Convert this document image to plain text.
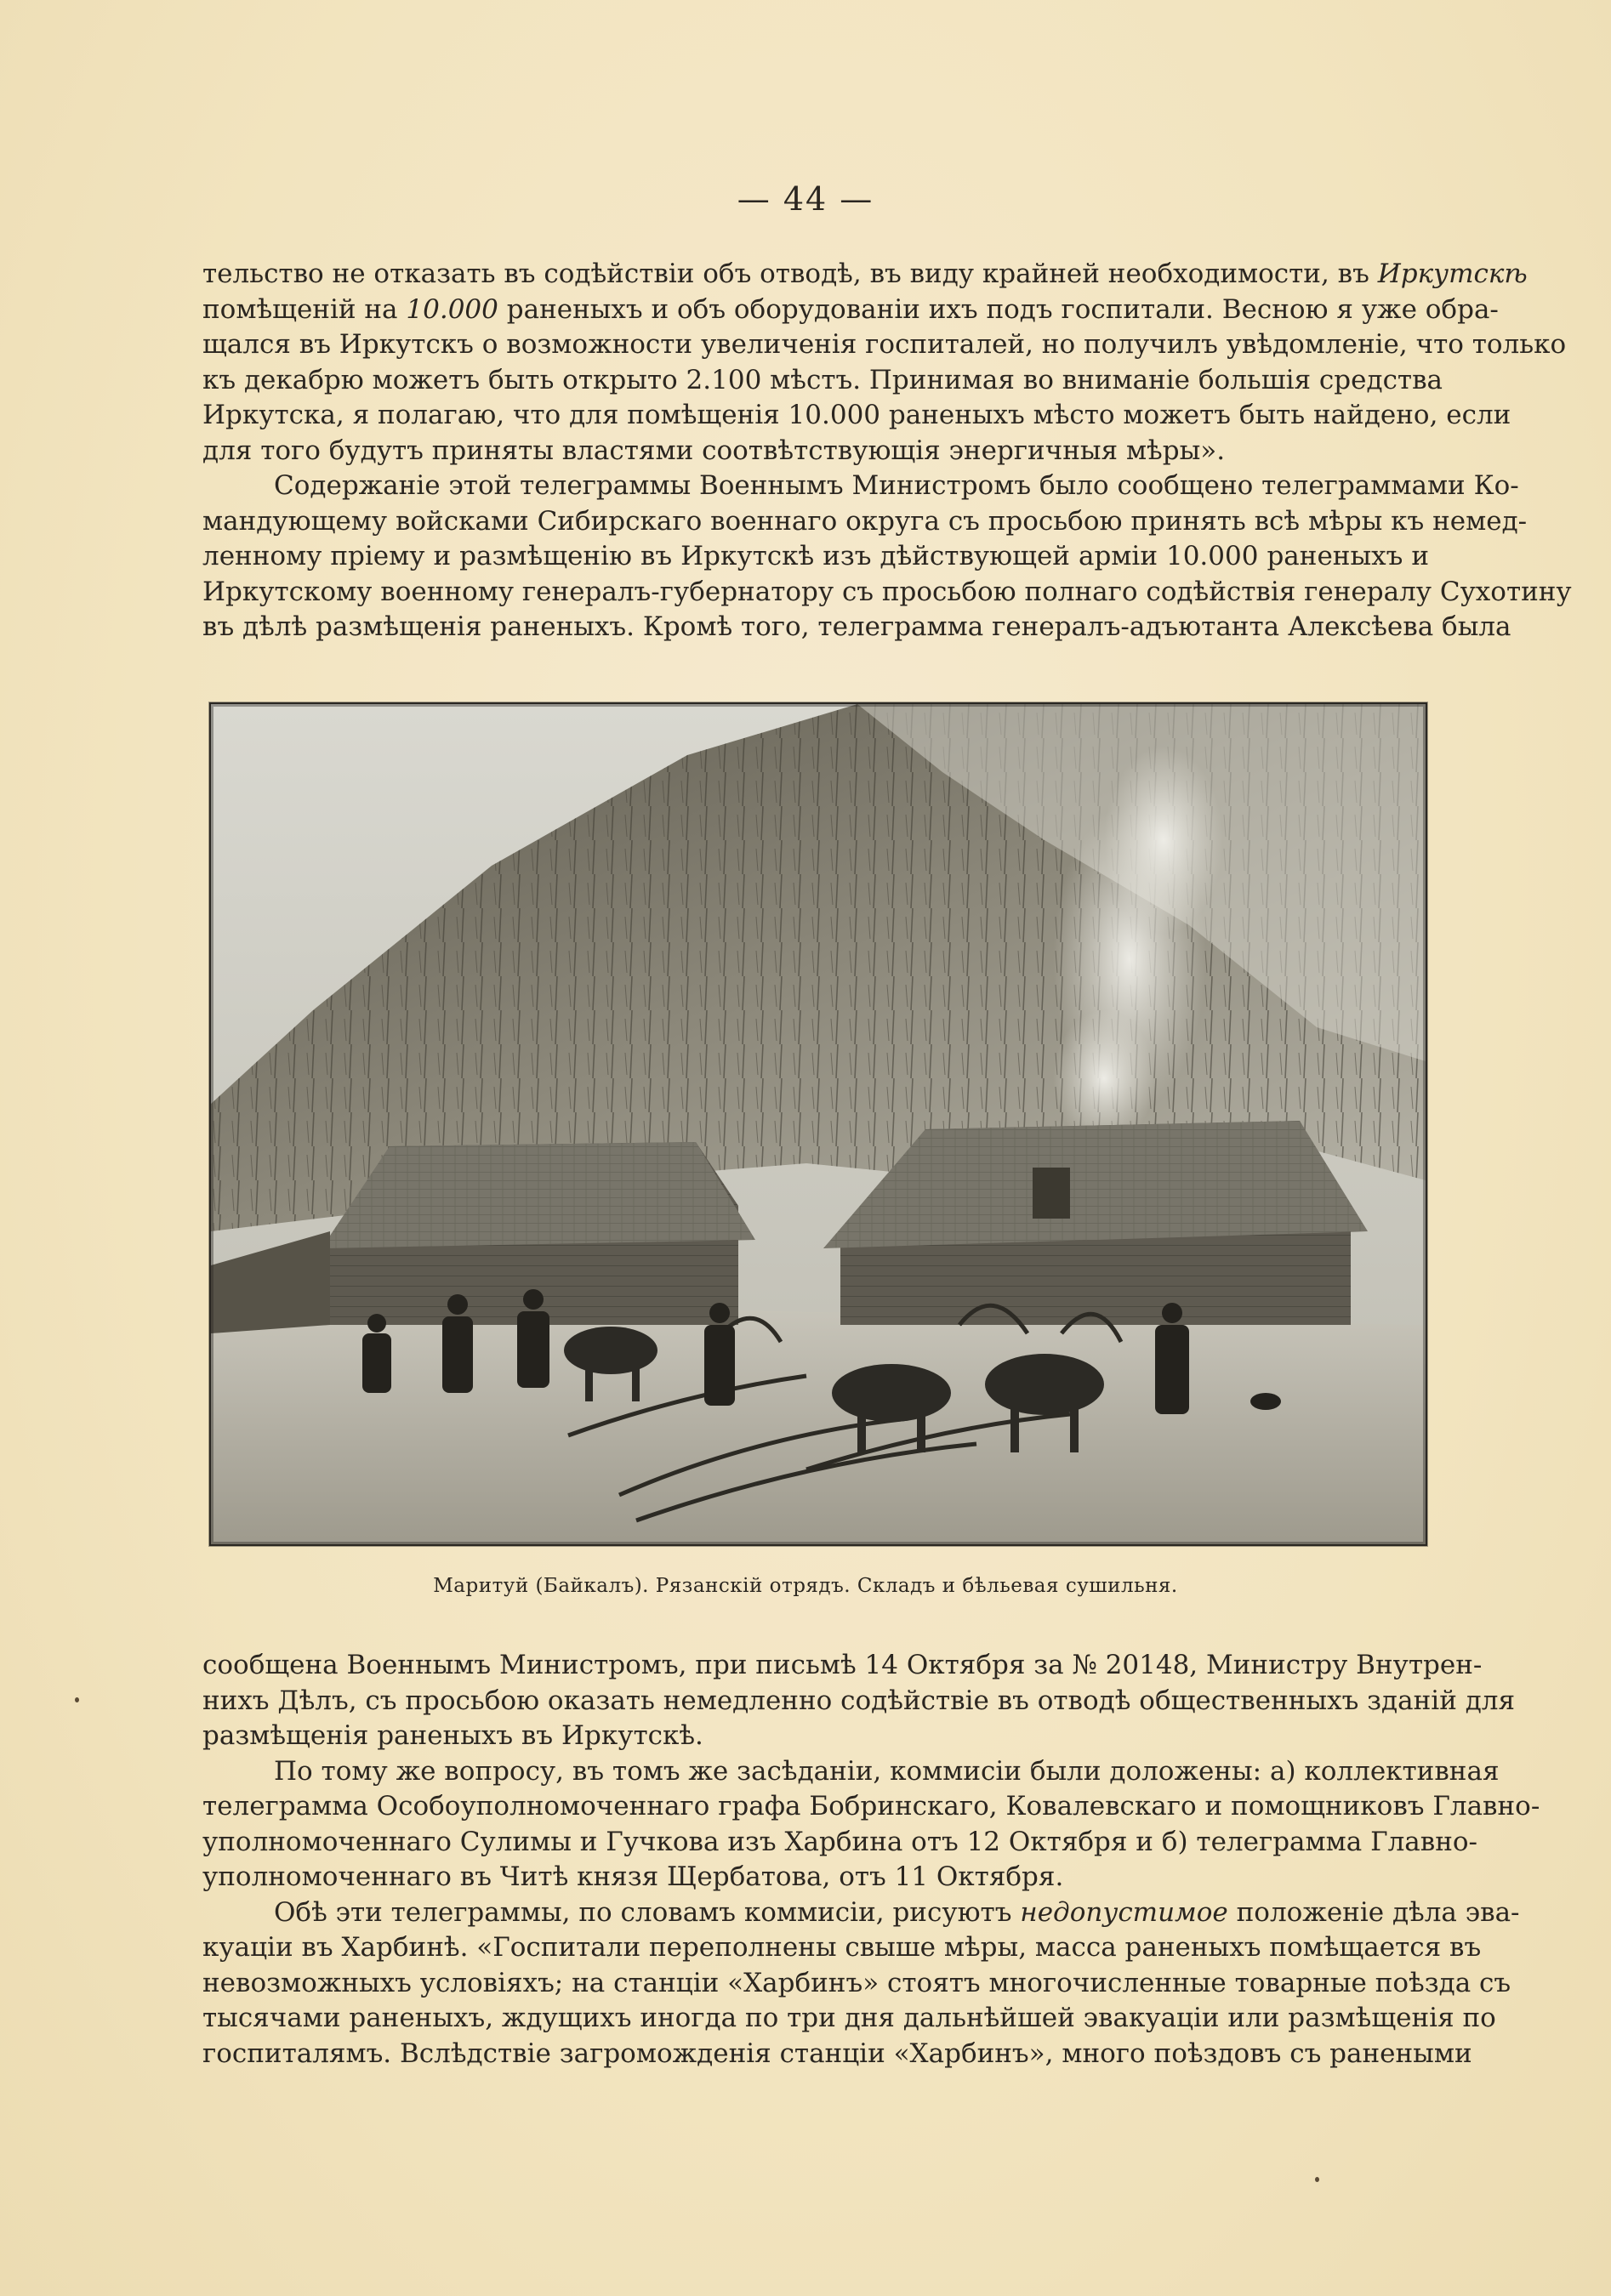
— 44 —
тельство не отказать въ содѣйствіи объ отводѣ, въ виду крайней необходимости, въ Иркутскѣ
помѣщеній на 10.000 раненыхъ и объ оборудованіи ихъ подъ госпитали. Весною я уже обра-
щался въ Иркутскъ о возможности увеличенія госпиталей, но получилъ увѣдомленіе, что только
къ декабрю можетъ быть открыто 2.100 мѣстъ. Принимая во вниманіе большія средства
Иркутска, я полагаю, что для помѣщенія 10.000 раненыхъ мѣсто можетъ быть найдено, если
для того будутъ приняты властями соотвѣтствующія энергичныя мѣры».
Содержаніе этой телеграммы Военнымъ Министромъ было сообщено телеграммами Ко-
мандующему войсками Сибирскаго военнаго округа съ просьбою принять всѣ мѣры къ немед-
ленному пріему и размѣщенію въ Иркутскѣ изъ дѣйствующей арміи 10.000 раненыхъ и
Иркутскому военному генералъ-губернатору съ просьбою полнаго содѣйствія генералу Сухотину
въ дѣлѣ размѣщенія раненыхъ. Кромѣ того, телеграмма генералъ-адъютанта Алексѣева была
Маритуй (Байкалъ). Рязанскій отрядъ. Складъ и бѣльевая сушильня.
сообщена Военнымъ Министромъ, при письмѣ 14 Октября за № 20148, Министру Внутрен-
нихъ Дѣлъ, съ просьбою оказать немедленно содѣйствіе въ отводѣ общественныхъ зданій для
размѣщенія раненыхъ въ Иркутскѣ.
По тому же вопросу, въ томъ же засѣданіи, коммисіи были доложены: а) коллективная
телеграмма Особоуполномоченнаго графа Бобринскаго, Ковалевскаго и помощниковъ Главно-
уполномоченнаго Сулимы и Гучкова изъ Харбина отъ 12 Октября и б) телеграмма Главно-
уполномоченнаго въ Читѣ князя Щербатова, отъ 11 Октября.
Обѣ эти телеграммы, по словамъ коммисіи, рисуютъ недопустимое положеніе дѣла эва-
куаціи въ Харбинѣ. «Госпитали переполнены свыше мѣры, масса раненыхъ помѣщается въ
невозможныхъ условіяхъ; на станціи «Харбинъ» стоятъ многочисленные товарные поѣзда съ
тысячами раненыхъ, ждущихъ иногда по три дня дальнѣйшей эвакуаціи или размѣщенія по
госпиталямъ. Вслѣдствіе загроможденія станціи «Харбинъ», много поѣздовъ съ ранеными
